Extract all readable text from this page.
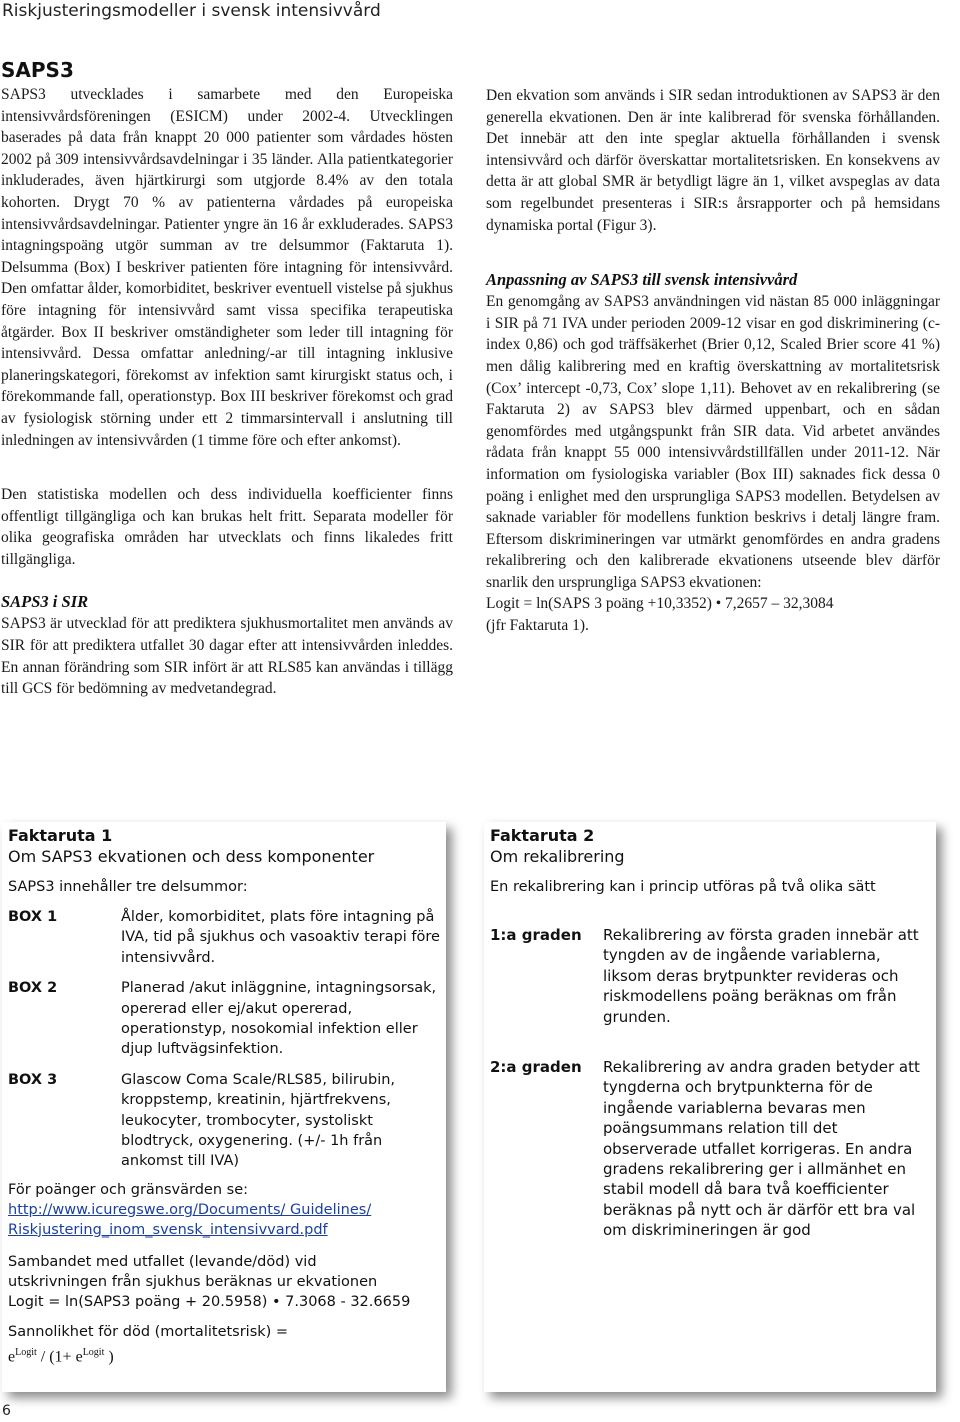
Riskjusteringsmodeller i svensk intensivvård
SAPS3

SAPS3 utvecklades i samarbete med den Europeiska intensivvårdsföreningen (ESICM) under 2002-4. Utvecklingen baserades på data från knappt 20 000 patienter som vårdades hösten 2002 på 309 intensivvårdsavdelningar i 35 länder. Alla patientkategorier inkluderades, även hjärtkirurgi som utgjorde 8.4% av den totala kohorten. Drygt 70 % av patienterna vårdades på europeiska intensivvårdsavdelningar. Patienter yngre än 16 år exkluderades. SAPS3 intagningspoäng utgör summan av tre delsummor (Faktaruta 1). Delsumma (Box) I beskriver patienten före intagning för intensivvård. Den omfattar ålder, komorbiditet, beskriver eventuell vistelse på sjukhus före intagning för intensivvård samt vissa specifika terapeutiska åtgärder. Box II beskriver omständigheter som leder till intagning för intensivvård. Dessa omfattar anledning/-ar till intagning inklusive planeringskategori, förekomst av infektion samt kirurgiskt status och, i förekommande fall, operationstyp. Box III beskriver förekomst och grad av fysiologisk störning under ett 2 timmarsintervall i anslutning till inledningen av intensivvården (1 timme före och efter ankomst).

Den statistiska modellen och dess individuella koefficienter finns offentligt tillgängliga och kan brukas helt fritt. Separata modeller för olika geografiska områden har utvecklats och finns likaledes fritt tillgängliga.

SAPS3 i SIR

SAPS3 är utvecklad för att prediktera sjukhusmortalitet men används av SIR för att prediktera utfallet 30 dagar efter att intensivvården inleddes. En annan förändring som SIR infört är att RLS85 kan användas i tillägg till GCS för bedömning av medvetandegrad.

Den ekvation som används i SIR sedan introduktionen av SAPS3 är den generella ekvationen. Den är inte kalibrerad för svenska förhållanden. Det innebär att den inte speglar aktuella förhållanden i svensk intensivvård och därför överskattar mortalitetsrisken. En konsekvens av detta är att global SMR är betydligt lägre än 1, vilket avspeglas av data som regelbundet presenteras i SIR:s årsrapporter och på hemsidans dynamiska portal (Figur 3).

Anpassning av SAPS3 till svensk intensivvård

En genomgång av SAPS3 användningen vid nästan 85 000 inläggningar i SIR på 71 IVA under perioden 2009-12 visar en god diskriminering (c-index 0,86) och god träffsäkerhet (Brier 0,12, Scaled Brier score 41 %) men dålig kalibrering med en kraftig överskattning av mortalitetsrisk (Cox’ intercept -0,73, Cox’ slope 1,11). Behovet av en rekalibrering (se Faktaruta 2) av SAPS3 blev därmed uppenbart, och en sådan genomfördes med utgångspunkt från SIR data. Vid arbetet användes rådata från knappt 55 000 intensivvårdstillfällen under 2011-12. När information om fysiologiska variabler (Box III) saknades fick dessa 0 poäng i enlighet med den ursprungliga SAPS3 modellen. Betydelsen av saknade variabler för modellens funktion beskrivs i detalj längre fram. Eftersom diskrimineringen var utmärkt genomfördes en andra gradens rekalibrering och den kalibrerade ekvationens utseende blev därför snarlik den ursprungliga SAPS3 ekvationen:

Logit = ln(SAPS 3 poäng +10,3352) • 7,2657 – 32,3084

(jfr Faktaruta 1).

Faktaruta 1
Om SAPS3 ekvationen och dess komponenter
SAPS3 innehåller tre delsummor:
BOX 1	Ålder, komorbiditet, plats före intagning på IVA, tid på sjukhus och vasoaktiv terapi före intensivvård.
BOX 2	Planerad /akut inläggnine, intagningsorsak, opererad eller ej/akut opererad, operationstyp, nosokomial infektion eller djup luftvägsinfektion.
BOX 3	Glascow Coma Scale/RLS85, bilirubin, kroppstemp, kreatinin, hjärtfrekvens, leukocyter, trombocyter, systoliskt blodtryck, oxygenering. (+/- 1h från ankomst till IVA)
För poänger och gränsvärden se:
http://www.icuregswe.org/Documents/ Guidelines/
Riskjustering_inom_svensk_intensivvard.pdf
Sambandet med utfallet (levande/död) vid
utskrivningen från sjukhus beräknas ur ekvationen
Logit = ln(SAPS3 poäng + 20.5958) • 7.3068 - 32.6659
Sannolikhet för död (mortalitetsrisk) =
$e^{Logit} / (1+ e^{Logit}$ )
Faktaruta 2
Om rekalibrering
En rekalibrering kan i princip utföras på två olika sätt
1:a graden	Rekalibrering av första graden innebär att tyngden av de ingående variablerna, liksom deras brytpunkter revideras och riskmodellens poäng beräknas om från grunden.
2:a graden	Rekalibrering av andra graden betyder att tyngderna och brytpunkterna för de ingående variablerna bevaras men poängsummans relation till det observerade utfallet korrigeras. En andra gradens rekalibrering ger i allmänhet en stabil modell då bara två koefficienter beräknas på nytt och är därför ett bra val om diskrimineringen är god
6
